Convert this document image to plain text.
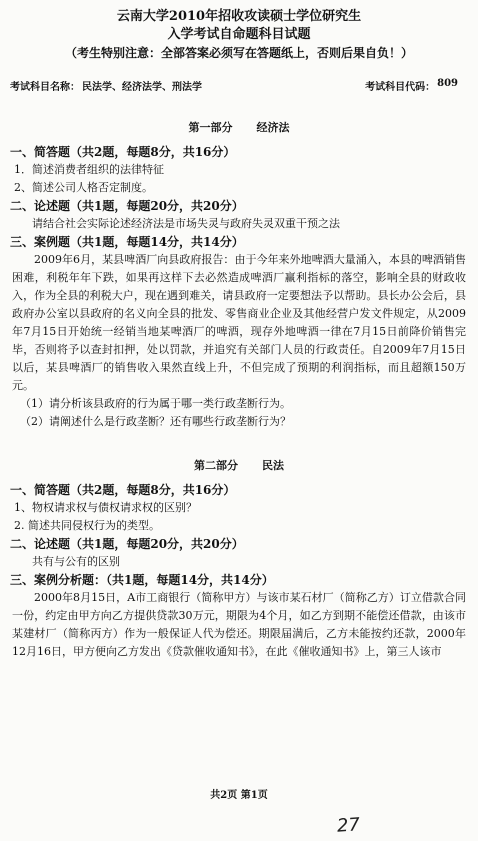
云南大学2010年招收攻读硕士学位研究生
入学考试自命题科目试题
（考生特别注意：全部答案必须写在答题纸上，否则后果自负！）
考试科目名称： 民法学、经济法学、刑法学	考试科目代码： 809
第一部分 经济法
一、简答题（共2题，每题8分，共16分）
1．简述消费者组织的法律特征
2、简述公司人格否定制度。
二、论述题（共1题，每题20分，共20分）
请结合社会实际论述经济法是市场失灵与政府失灵双重干预之法
三、案例题（共1题，每题14分，共14分）
2009年6月，某县啤酒厂向县政府报告：由于今年来外地啤酒大量涌入，本县的啤酒销售困难，利税年年下跌，如果再这样下去必然造成啤酒厂赢利指标的落空，影响全县的财政收入，作为全县的利税大户，现在遇到难关，请县政府一定要想法予以帮助。县长办公会后，县政府办公室以县政府的名义向全县的批发、零售商业企业及其他经营户发文件规定，从2009年7月15日开始统一经销当地某啤酒厂的啤酒，现存外地啤酒一律在7月15日前降价销售完毕，否则将予以查封扣押，处以罚款，并追究有关部门人员的行政责任。自2009年7月15日以后，某县啤酒厂的销售收入果然直线上升，不但完成了预期的利润指标，而且超额150万元。
（1）请分析该县政府的行为属于哪一类行政垄断行为。
（2）请阐述什么是行政垄断？还有哪些行政垄断行为？
第二部分 民法
一、简答题（共2题，每题8分，共16分）
1、物权请求权与债权请求权的区别？
2. 简述共同侵权行为的类型。
二、论述题（共1题，每题20分，共20分）
共有与公有的区别
三、案例分析题：（共1题，每题14分，共14分）
2000年8月15日，A市工商银行（简称甲方）与该市某石材厂（简称乙方）订立借款合同一份，约定由甲方向乙方提供贷款30万元，期限为4个月，如乙方到期不能偿还借款，由该市某建材厂（简称丙方）作为一般保证人代为偿还。期限届满后，乙方未能按约还款，2000年12月16日，甲方便向乙方发出《贷款催收通知书》，在此《催收通知书》上，第三人该市
共2页 第1页
27
